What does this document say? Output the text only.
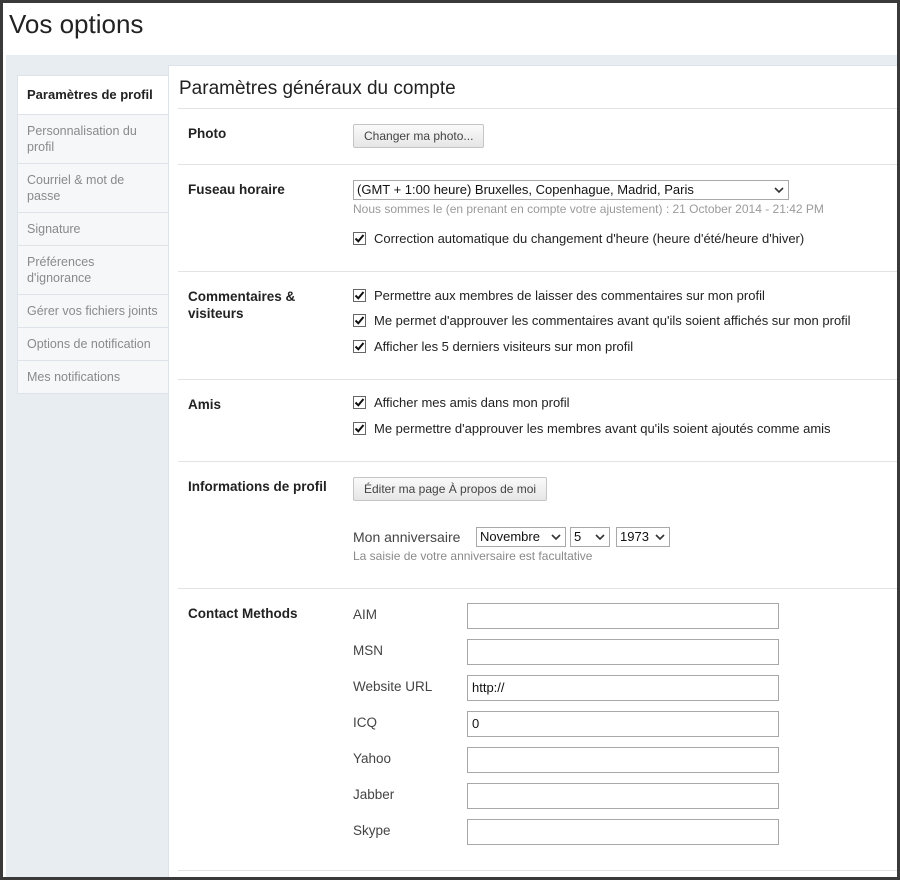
Vos options
Paramètres de profil
Personnalisation du profil
Courriel & mot de passe
Signature
Préférences d'ignorance
Gérer vos fichiers joints
Options de notification
Mes notifications
Paramètres généraux du compte
Photo	Changer ma photo...
Fuseau horaire	(GMT + 1:00 heure) Bruxelles, Copenhague, Madrid, Paris
Nous sommes le (en prenant en compte votre ajustement) : 21 October 2014 - 21:42 PM
Correction automatique du changement d'heure (heure d'été/heure d'hiver)
Commentaires & visiteurs
Permettre aux membres de laisser des commentaires sur mon profil
Me permet d'approuver les commentaires avant qu'ils soient affichés sur mon profil
Afficher les 5 derniers visiteurs sur mon profil
Amis	Afficher mes amis dans mon profil
Me permettre d'approuver les membres avant qu'ils soient ajoutés comme amis
Informations de profil	Éditer ma page À propos de moi
Mon anniversaire	Novembre	5	1973
La saisie de votre anniversaire est facultative
Contact Methods	AIM
MSN
Website URL	http://
ICQ	0
Yahoo
Jabber
Skype
